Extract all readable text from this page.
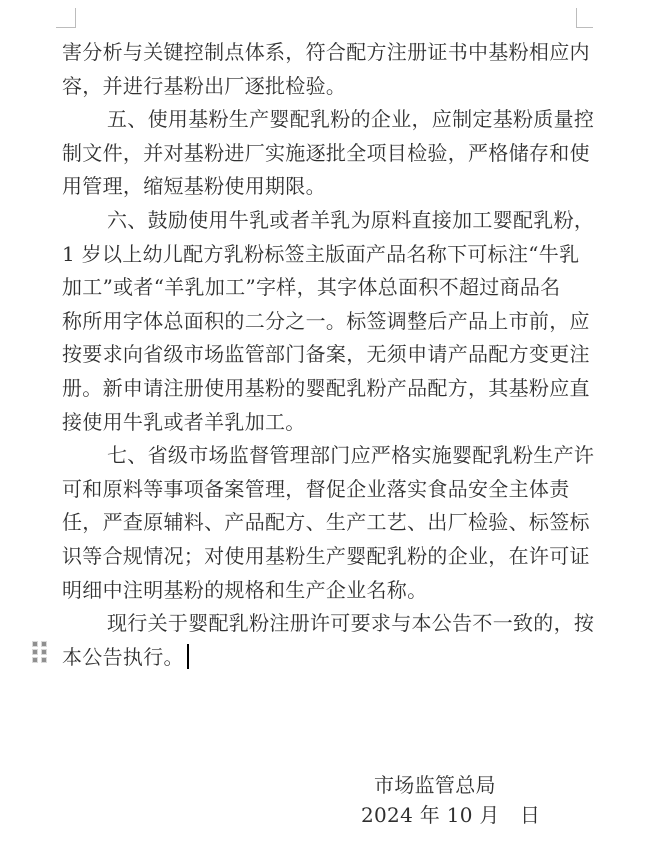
害分析与关键控制点体系，符合配方注册证书中基粉相应内
容，并进行基粉出厂逐批检验。
五、使用基粉生产婴配乳粉的企业，应制定基粉质量控
制文件，并对基粉进厂实施逐批全项目检验，严格储存和使
用管理，缩短基粉使用期限。
六、鼓励使用牛乳或者羊乳为原料直接加工婴配乳粉，
1 岁以上幼儿配方乳粉标签主版面产品名称下可标注“牛乳
加工”或者“羊乳加工”字样，其字体总面积不超过商品名
称所用字体总面积的二分之一。标签调整后产品上市前，应
按要求向省级市场监管部门备案，无须申请产品配方变更注
册。新申请注册使用基粉的婴配乳粉产品配方，其基粉应直
接使用牛乳或者羊乳加工。
七、省级市场监督管理部门应严格实施婴配乳粉生产许
可和原料等事项备案管理，督促企业落实食品安全主体责
任，严查原辅料、产品配方、生产工艺、出厂检验、标签标
识等合规情况；对使用基粉生产婴配乳粉的企业，在许可证
明细中注明基粉的规格和生产企业名称。
现行关于婴配乳粉注册许可要求与本公告不一致的，按
本公告执行。
市场监管总局
2024 年 10 月　日
